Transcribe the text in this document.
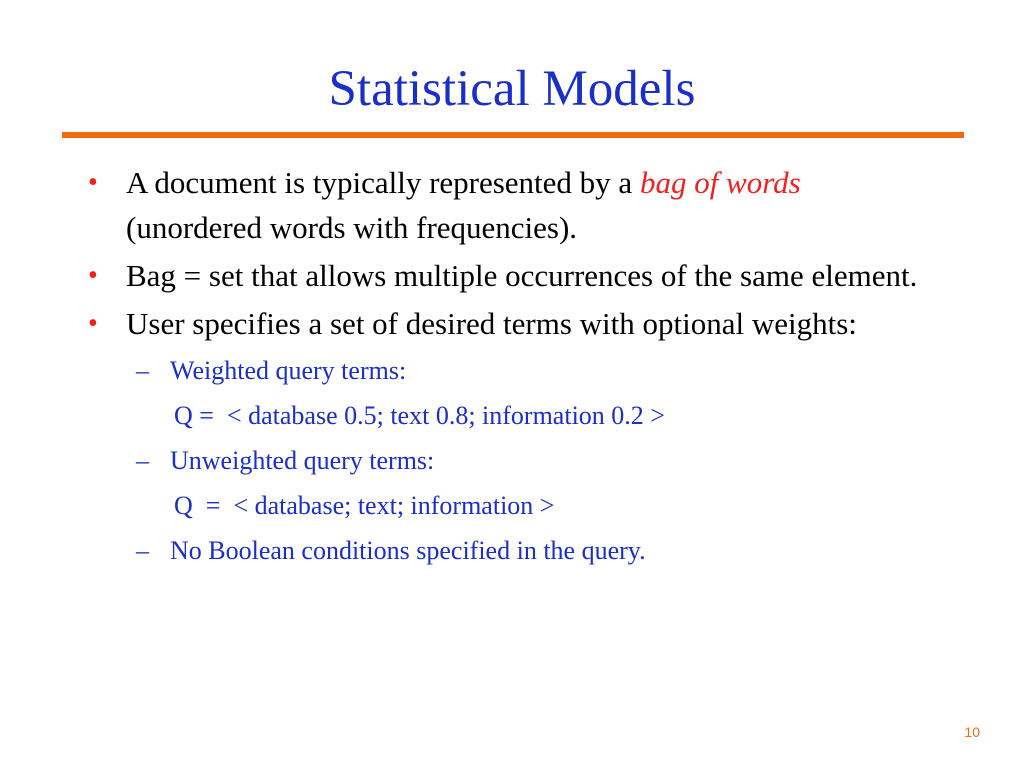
Statistical Models
• A document is typically represented by a bag of words (unordered words with frequencies).
• Bag = set that allows multiple occurrences of the same element.
• User specifies a set of desired terms with optional weights:
– Weighted query terms:
Q =  < database 0.5; text 0.8; information 0.2 >
– Unweighted query terms:
Q  =  < database; text; information >
– No Boolean conditions specified in the query.
10
